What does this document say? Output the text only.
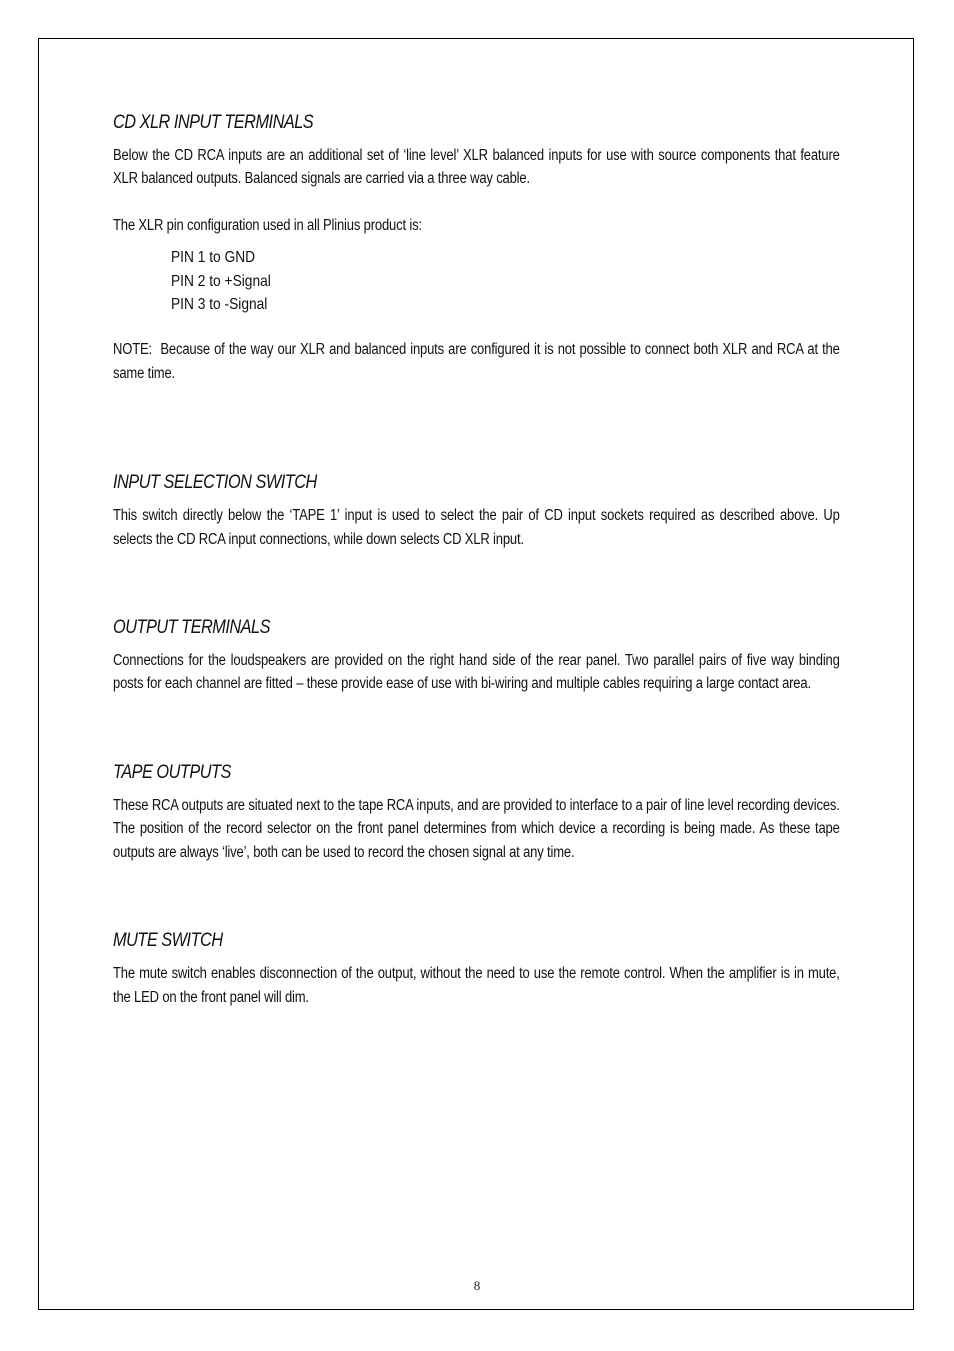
CD XLR INPUT TERMINALS

Below the CD RCA inputs are an additional set of ‘line level’ XLR balanced inputs for use with source components that feature XLR balanced outputs. Balanced signals are carried via a three way cable.

The XLR pin configuration used in all Plinius product is:

PIN 1 to GND
PIN 2 to +Signal
PIN 3 to -Signal

NOTE: Because of the way our XLR and balanced inputs are configured it is not possible to connect both XLR and RCA at the same time.

INPUT SELECTION SWITCH

This switch directly below the ‘TAPE 1’ input is used to select the pair of CD input sockets required as described above. Up selects the CD RCA input connections, while down selects CD XLR input.

OUTPUT TERMINALS

Connections for the loudspeakers are provided on the right hand side of the rear panel. Two parallel pairs of five way binding posts for each channel are fitted – these provide ease of use with bi-wiring and multiple cables requiring a large contact area.

TAPE OUTPUTS

These RCA outputs are situated next to the tape RCA inputs, and are provided to interface to a pair of line level recording devices. The position of the record selector on the front panel determines from which device a recording is being made. As these tape outputs are always ‘live’, both can be used to record the chosen signal at any time.

MUTE SWITCH

The mute switch enables disconnection of the output, without the need to use the remote control. When the amplifier is in mute, the LED on the front panel will dim.

8
